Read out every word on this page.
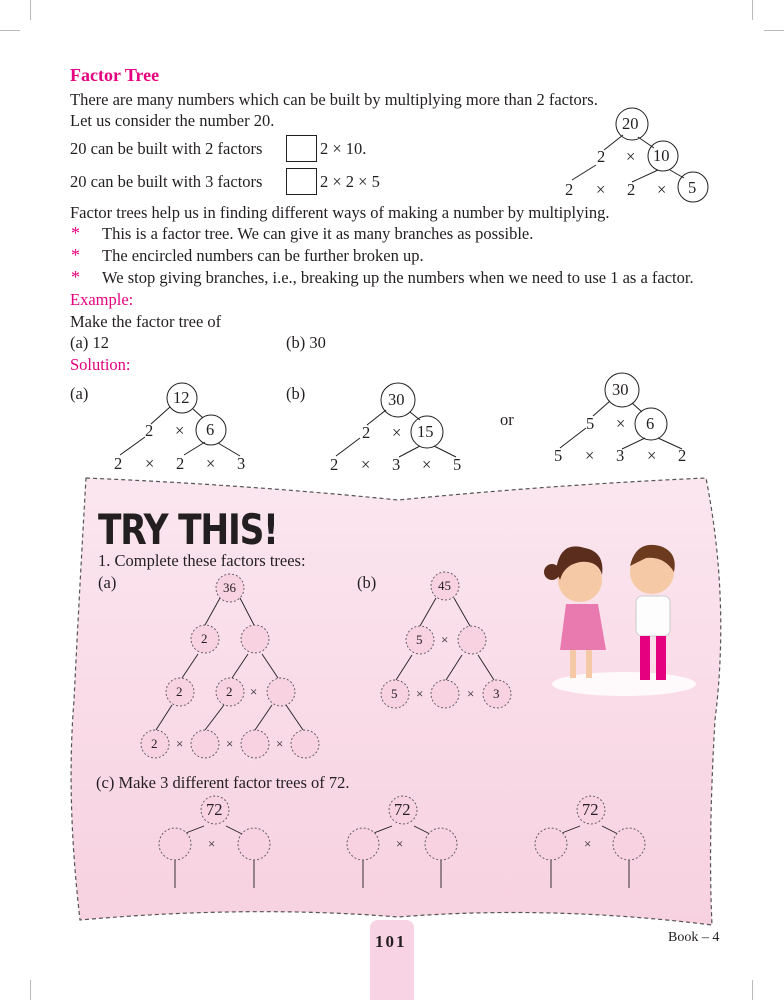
Factor Tree
There are many numbers which can be built by multiplying more than 2 factors.
Let us consider the number 20.
20 can be built with 2 factors	2 × 10.
20 can be built with 3 factors	2 × 2 × 5
20
2 × 10
2 × 2 × 5
Factor trees help us in finding different ways of making a number by multiplying.
* This is a factor tree. We can give it as many branches as possible.
* The encircled numbers can be further broken up.
* We stop giving branches, i.e., breaking up the numbers when we need to use 1 as a factor.
Example:
Make the factor tree of
(a) 12	(b) 30
Solution:
(a)	(b)
or
12
2 × 6
2 × 2 × 3
30
2 × 15
2 × 3 × 5
30
5 × 6
5 × 3 × 2
TRY THIS!
1. Complete these factors trees:
(a)	(b)
36
2
2	2 ×
2 ×	×	×
45
5 ×
5 ×	× 3
(c) Make 3 different factor trees of 72.
72
×
72
×
72
×
101	Book – 4
